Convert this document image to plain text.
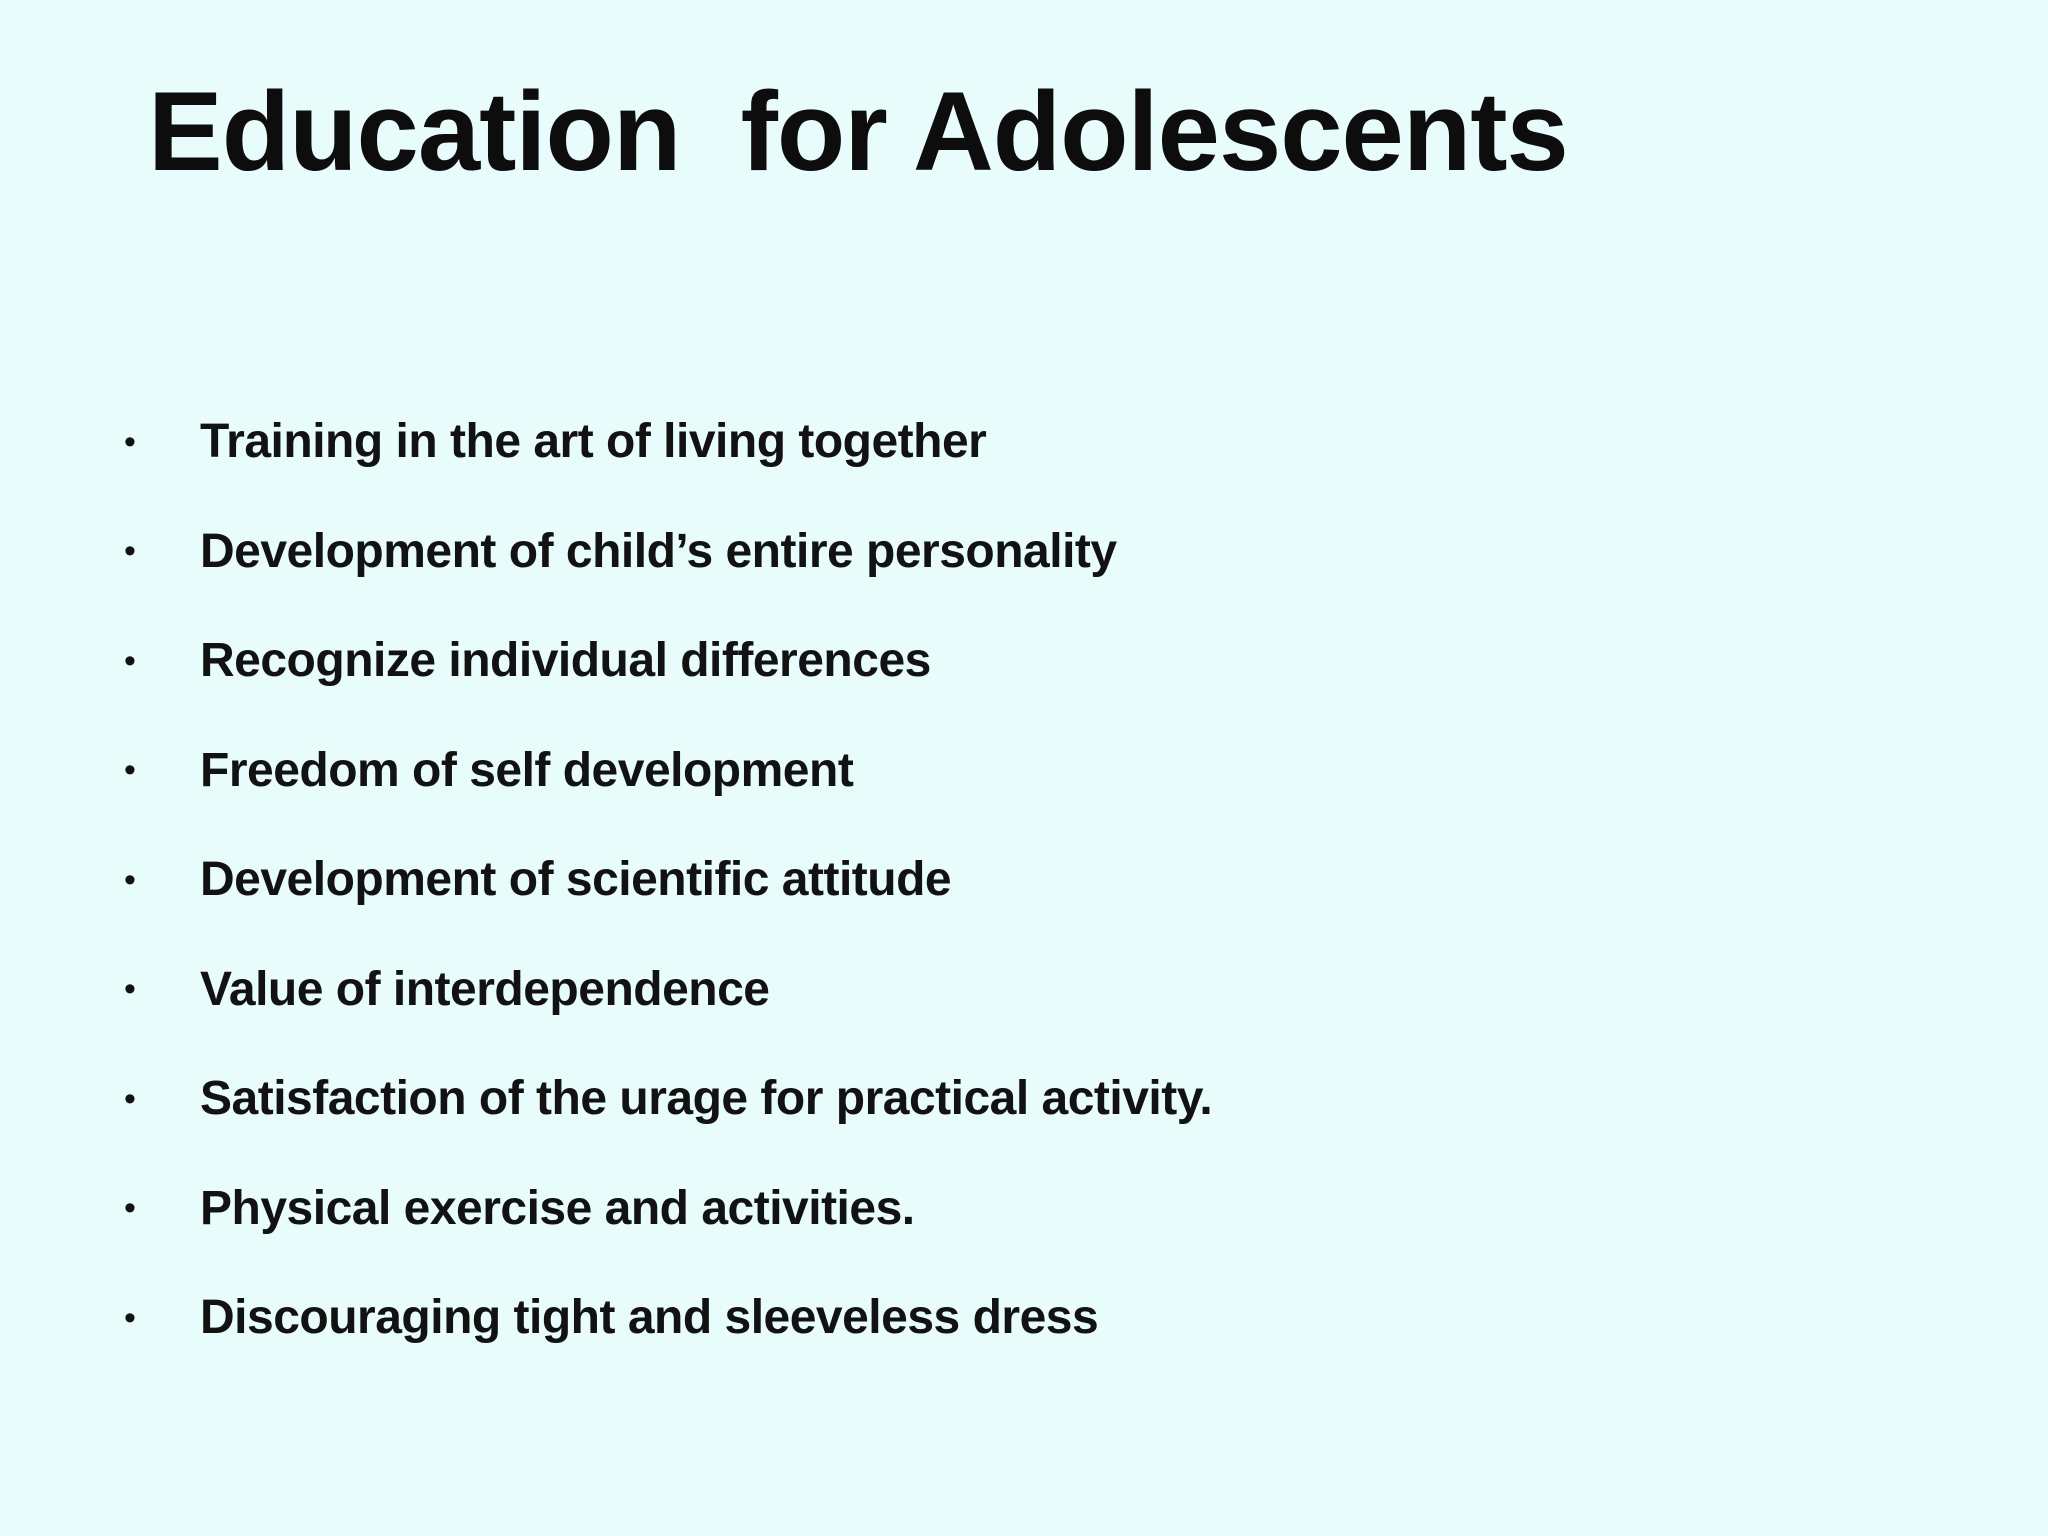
Education  for Adolescents
•	Training in the art of living together
•	Development of child’s entire personality
•	Recognize individual differences
•	Freedom of self development
•	Development of scientific attitude
•	Value of interdependence
•	Satisfaction of the urage for practical activity.
•	Physical exercise and activities.
•	Discouraging tight and sleeveless dress
